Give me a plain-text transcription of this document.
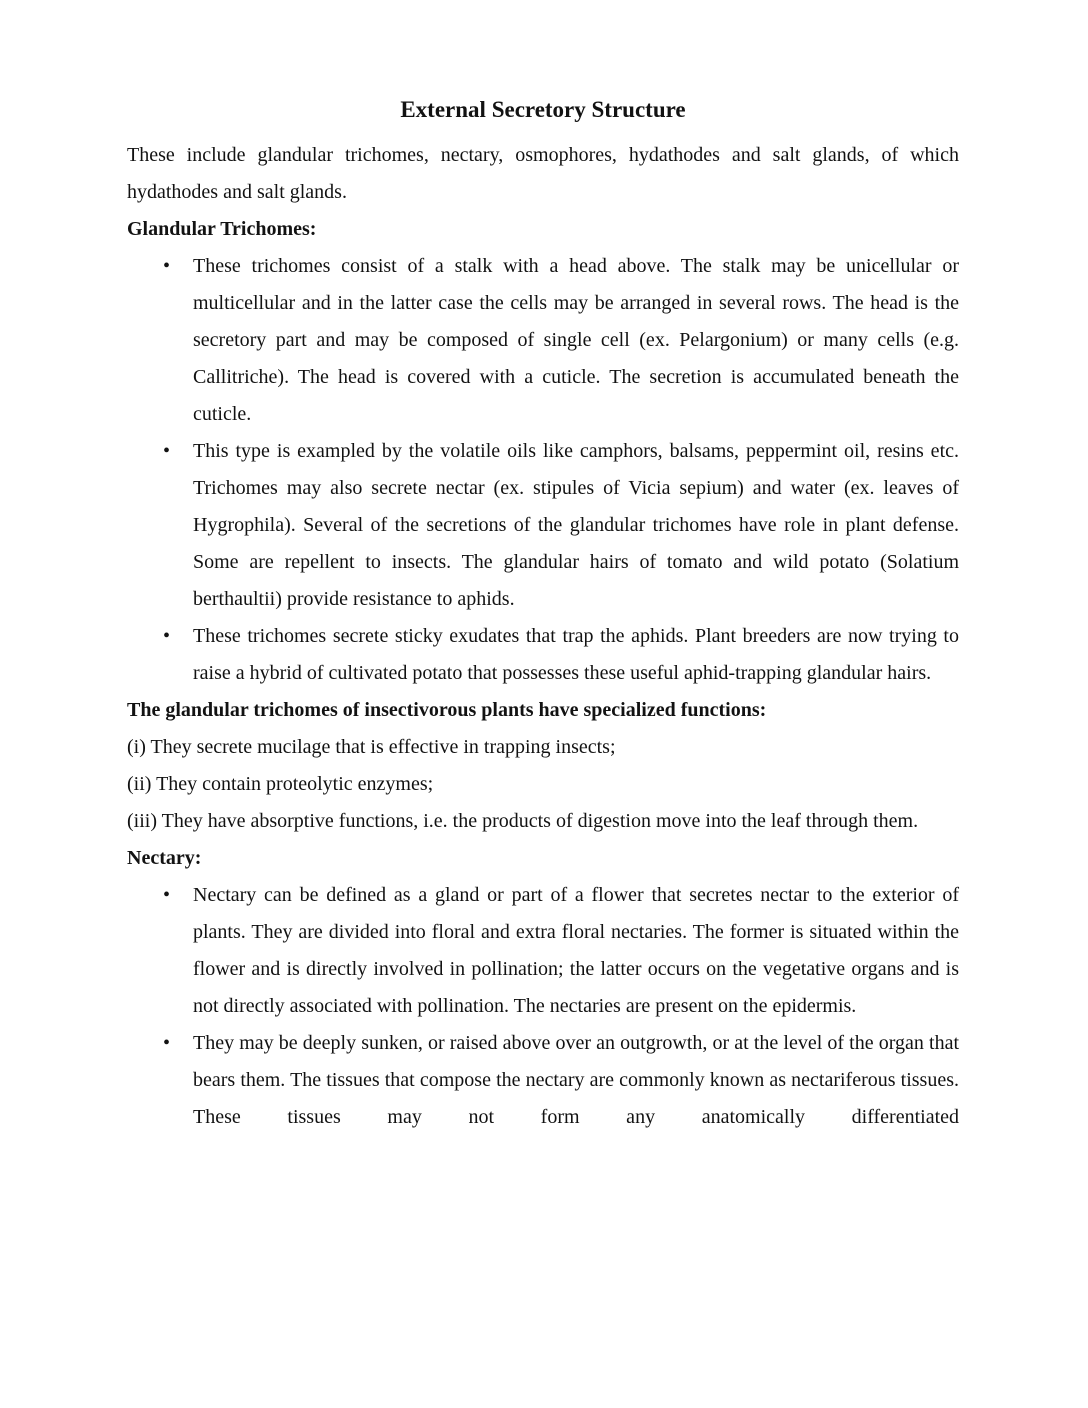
External Secretory Structure

These include glandular trichomes, nectary, osmophores, hydathodes and salt glands, of which hydathodes and salt glands.

Glandular Trichomes:

• These trichomes consist of a stalk with a head above. The stalk may be unicellular or multicellular and in the latter case the cells may be arranged in several rows. The head is the secretory part and may be composed of single cell (ex. Pelargonium) or many cells (e.g. Callitriche). The head is covered with a cuticle. The secretion is accumulated beneath the cuticle.
• This type is exampled by the volatile oils like camphors, balsams, peppermint oil, resins etc. Trichomes may also secrete nectar (ex. stipules of Vicia sepium) and water (ex. leaves of Hygrophila). Several of the secretions of the glandular trichomes have role in plant defense. Some are repellent to insects. The glandular hairs of tomato and wild potato (Solatium berthaultii) provide resistance to aphids.
• These trichomes secrete sticky exudates that trap the aphids. Plant breeders are now trying to raise a hybrid of cultivated potato that possesses these useful aphid-trapping glandular hairs.

The glandular trichomes of insectivorous plants have specialized functions:

(i) They secrete mucilage that is effective in trapping insects;

(ii) They contain proteolytic enzymes;

(iii) They have absorptive functions, i.e. the products of digestion move into the leaf through them.

Nectary:

• Nectary can be defined as a gland or part of a flower that secretes nectar to the exterior of plants. They are divided into floral and extra floral nectaries. The former is situated within the flower and is directly involved in pollination; the latter occurs on the vegetative organs and is not directly associated with pollination. The nectaries are present on the epidermis.
• They may be deeply sunken, or raised above over an outgrowth, or at the level of the organ that bears them. The tissues that compose the nectary are commonly known as nectariferous tissues. These tissues may not form any anatomically differentiated
